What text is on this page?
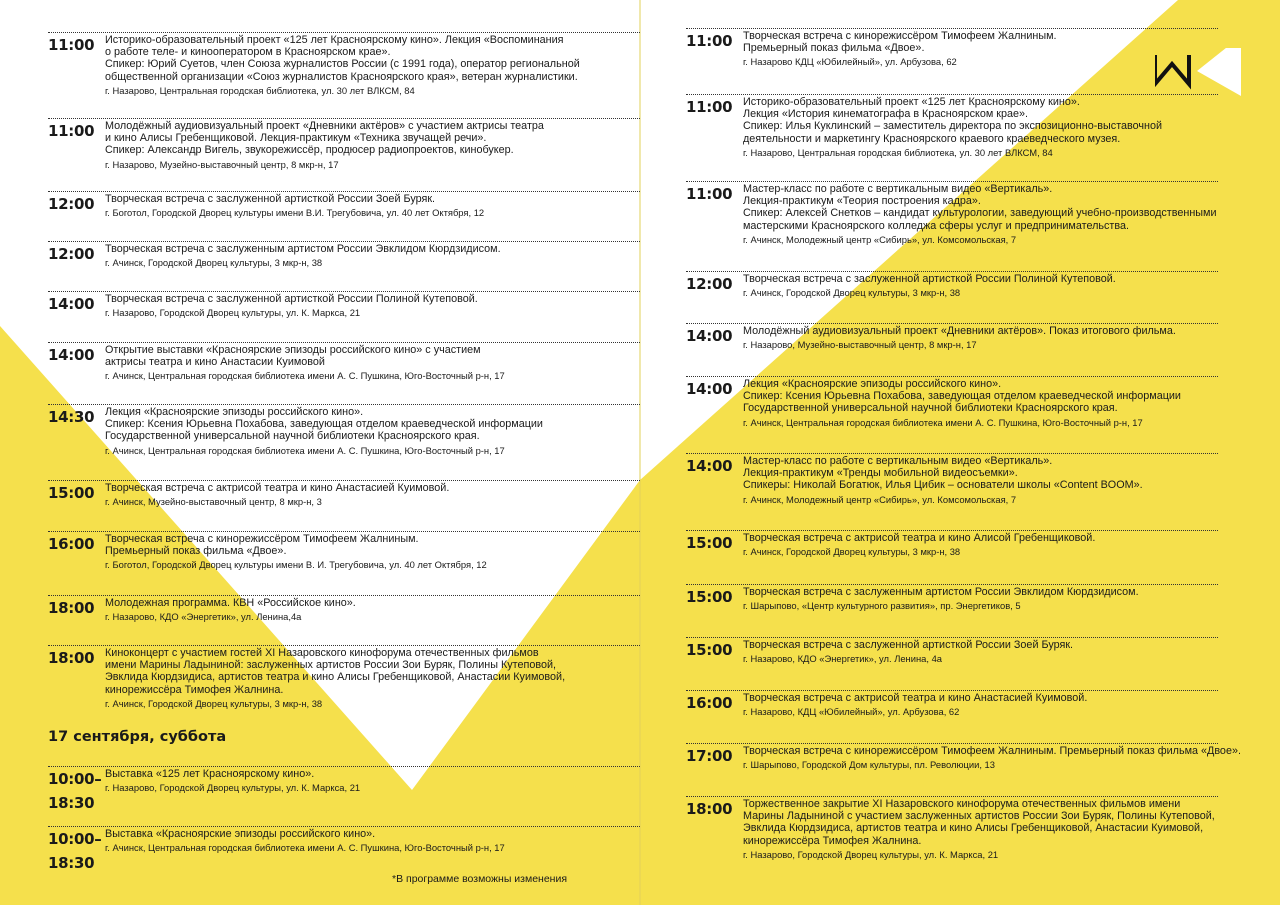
11:00 Историко-образовательный проект «125 лет Красноярскому кино». Лекция «Воспоминания
о работе теле- и кинооператором в Красноярском крае».
Спикер: Юрий Суетов, член Союза журналистов России (с 1991 года), оператор региональной
общественной организации «Союз журналистов Красноярского края», ветеран журналистики.
г. Назарово, Центральная городская библиотека, ул. 30 лет ВЛКСМ, 84
11:00 Молодёжный аудиовизуальный проект «Дневники актёров» с участием актрисы театра
и кино Алисы Гребенщиковой. Лекция-практикум «Техника звучащей речи».
Спикер: Александр Вигель, звукорежиссёр, продюсер радиопроектов, кинобукер.
г. Назарово, Музейно-выставочный центр, 8 мкр-н, 17
12:00 Творческая встреча с заслуженной артисткой России Зоей Буряк.
г. Боготол, Городской Дворец культуры имени В.И. Трегубовича, ул. 40 лет Октября, 12
12:00 Творческая встреча с заслуженным артистом России Эвклидом Кюрдзидисом.
г. Ачинск, Городской Дворец культуры, 3 мкр-н, 38
14:00 Творческая встреча с заслуженной артисткой России Полиной Кутеповой.
г. Назарово, Городской Дворец культуры, ул. К. Маркса, 21
14:00 Открытие выставки «Красноярские эпизоды российского кино» с участием
актрисы театра и кино Анастасии Куимовой
г. Ачинск, Центральная городская библиотека имени А. С. Пушкина, Юго-Восточный р-н, 17
14:30 Лекция «Красноярские эпизоды российского кино».
Спикер: Ксения Юрьевна Похабова, заведующая отделом краеведческой информации
Государственной универсальной научной библиотеки Красноярского края.
г. Ачинск, Центральная городская библиотека имени А. С. Пушкина, Юго-Восточный р-н, 17
15:00 Творческая встреча с актрисой театра и кино Анастасией Куимовой.
г. Ачинск, Музейно-выставочный центр, 8 мкр-н, 3
16:00 Творческая встреча с кинорежиссёром Тимофеем Жалниным.
Премьерный показ фильма «Двое».
г. Боготол, Городской Дворец культуры имени В. И. Трегубовича, ул. 40 лет Октября, 12
18:00 Молодежная программа. КВН «Российское кино».
г. Назарово, КДО «Энергетик», ул. Ленина,4а
18:00 Киноконцерт с участием гостей XI Назаровского кинофорума отечественных фильмов
имени Марины Ладыниной: заслуженных артистов России Зои Буряк, Полины Кутеповой,
Эвклида Кюрдзидиса, артистов театра и кино Алисы Гребенщиковой, Анастасии Куимовой,
кинорежиссёра Тимофея Жалнина.
г. Ачинск, Городской Дворец культуры, 3 мкр-н, 38
10:00–
18:30
Выставка «125 лет Красноярскому кино».
г. Назарово, Городской Дворец культуры, ул. К. Маркса, 21
10:00–
18:30
Выставка «Красноярские эпизоды российского кино».
г. Ачинск, Центральная городская библиотека имени А. С. Пушкина, Юго-Восточный р-н, 17
11:00 Творческая встреча с кинорежиссёром Тимофеем Жалниным.
Премьерный показ фильма «Двое».
г. Назарово КДЦ «Юбилейный», ул. Арбузова, 62
11:00 Историко-образовательный проект «125 лет Красноярскому кино».
Лекция «История кинематографа в Красноярском крае».
Спикер: Илья Куклинский – заместитель директора по экспозиционно-выставочной
деятельности и маркетингу Красноярского краевого краеведческого музея.
г. Назарово, Центральная городская библиотека, ул. 30 лет ВЛКСМ, 84
11:00 Мастер-класс по работе с вертикальным видео «Вертикаль».
Лекция-практикум «Теория построения кадра».
Спикер: Алексей Снетков – кандидат культурологии, заведующий учебно-производственными
мастерскими Красноярского колледжа сферы услуг и предпринимательства.
г. Ачинск, Молодежный центр «Сибирь», ул. Комсомольская, 7
12:00 Творческая встреча с заслуженной артисткой России Полиной Кутеповой.
г. Ачинск, Городской Дворец культуры, 3 мкр-н, 38
14:00 Молодёжный аудиовизуальный проект «Дневники актёров». Показ итогового фильма.
г. Назарово, Музейно-выставочный центр, 8 мкр-н, 17
14:00 Лекция «Красноярские эпизоды российского кино».
Спикер: Ксения Юрьевна Похабова, заведующая отделом краеведческой информации
Государственной универсальной научной библиотеки Красноярского края.
г. Ачинск, Центральная городская библиотека имени А. С. Пушкина, Юго-Восточный р-н, 17
14:00 Мастер-класс по работе с вертикальным видео «Вертикаль».
Лекция-практикум «Тренды мобильной видеосъемки».
Спикеры: Николай Богатюк, Илья Цибик – основатели школы «Content BOOM».
г. Ачинск, Молодежный центр «Сибирь», ул. Комсомольская, 7
15:00 Творческая встреча с актрисой театра и кино Алисой Гребенщиковой.
г. Ачинск, Городской Дворец культуры, 3 мкр-н, 38
15:00 Творческая встреча с заслуженным артистом России Эвклидом Кюрдзидисом.
г. Шарыпово, «Центр культурного развития», пр. Энергетиков, 5
15:00 Творческая встреча с заслуженной артисткой России Зоей Буряк.
г. Назарово, КДО «Энергетик», ул. Ленина, 4а
16:00 Творческая встреча с актрисой театра и кино Анастасией Куимовой.
г. Назарово, КДЦ «Юбилейный», ул. Арбузова, 62
17:00 Творческая встреча с кинорежиссёром Тимофеем Жалниным. Премьерный показ фильма «Двое».
г. Шарыпово, Городской Дом культуры, пл. Революции, 13
18:00 Торжественное закрытие XI Назаровского кинофорума отечественных фильмов имени
Марины Ладыниной с участием заслуженных артистов России Зои Буряк, Полины Кутеповой,
Эвклида Кюрдзидиса, артистов театра и кино Алисы Гребенщиковой, Анастасии Куимовой,
кинорежиссёра Тимофея Жалнина.
г. Назарово, Городской Дворец культуры, ул. К. Маркса, 21
17 сентября, суббота
*В программе возможны изменения
